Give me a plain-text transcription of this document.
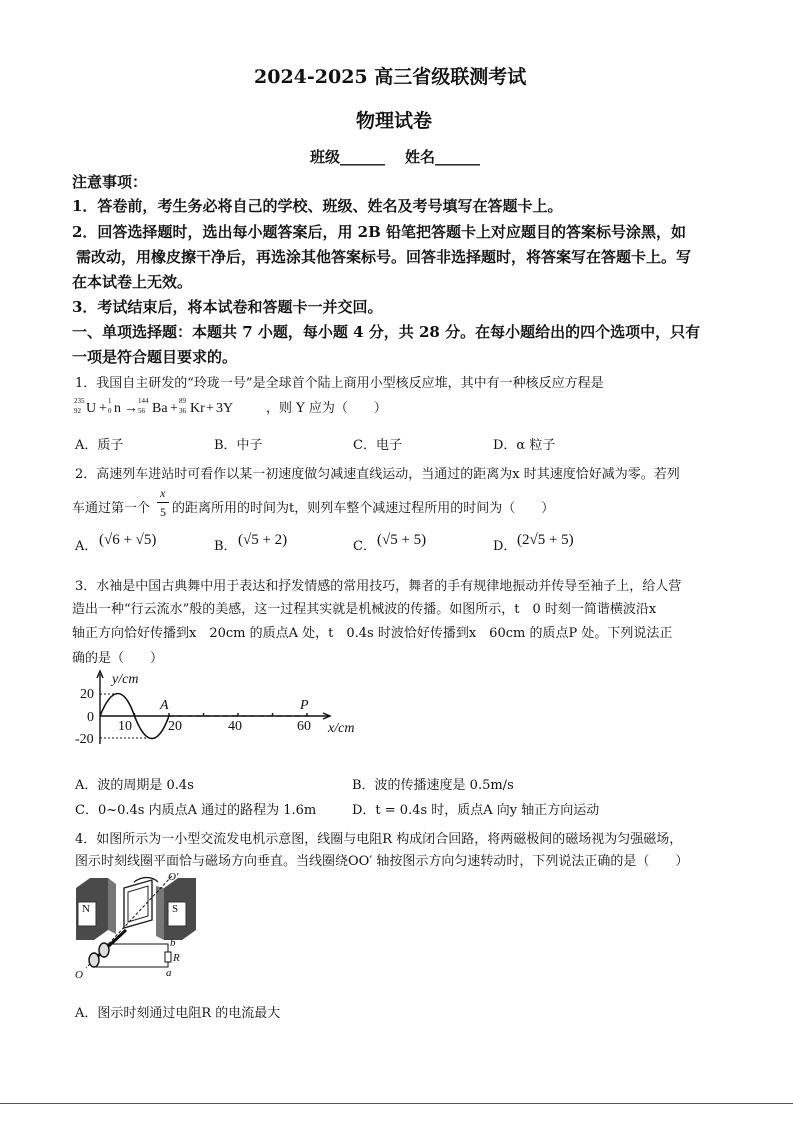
2024-2025 高三省级联测考试
物理试卷
班级______ 姓名______
注意事项：
1．答卷前，考生务必将自己的学校、班级、姓名及考号填写在答题卡上。
2．回答选择题时，选出每小题答案后，用 2B 铅笔把答题卡上对应题目的答案标号涂黑，如
需改动，用橡皮擦干净后，再选涂其他答案标号。回答非选择题时，将答案写在答题卡上。写
在本试卷上无效。
3．考试结束后，将本试卷和答题卡一并交回。
一、单项选择题：本题共 7 小题，每小题 4 分，共 28 分。在每小题给出的四个选项中，只有
一项是符合题目要求的。
1．我国自主研发的“玲珑一号”是全球首个陆上商用小型核反应堆，其中有一种核反应方程是
235
92 U + 1
0 n → 144
56 Ba + 89
36 Kr + 3Y	，则 Y 应为（　　）
A．质子	B．中子	C．电子	D．α 粒子
2．高速列车进站时可看作以某一初速度做匀减速直线运动，当通过的距离为x 时其速度恰好减为零。若列
车通过第一个
x
5 的距离所用的时间为t，则列车整个减速过程所用的时间为（　　）
A． (√6 + √5)	B． (√5 + 2)	C． (√5 + 5)	D． (2√5 + 5)
3．水袖是中国古典舞中用于表达和抒发情感的常用技巧，舞者的手有规律地振动并传导至袖子上，给人营
造出一种“行云流水”般的美感，这一过程其实就是机械波的传播。如图所示，t　0 时刻一简谐横波沿x
轴正方向恰好传播到x　20cm 的质点A 处，t　0.4s 时波恰好传播到x　60cm 的质点P 处。下列说法正
确的是（　　）
y/cm
20
0
-20
10	20	40	60
A	P
x/cm
A．波的周期是 0.4s	B．波的传播速度是 0.5m/s
C．0~0.4s 内质点A 通过的路程为 1.6m	D．t = 0.4s 时，质点A 向y 轴正方向运动
4．如图所示为一小型交流发电机示意图，线圈与电阻R 构成闭合回路，将两磁极间的磁场视为匀强磁场，
图示时刻线圈平面恰与磁场方向垂直。当线圈绕OO′ 轴按图示方向匀速转动时，下列说法正确的是（　　）
O′
N	S
b
R
a
O
A．图示时刻通过电阻R 的电流最大
